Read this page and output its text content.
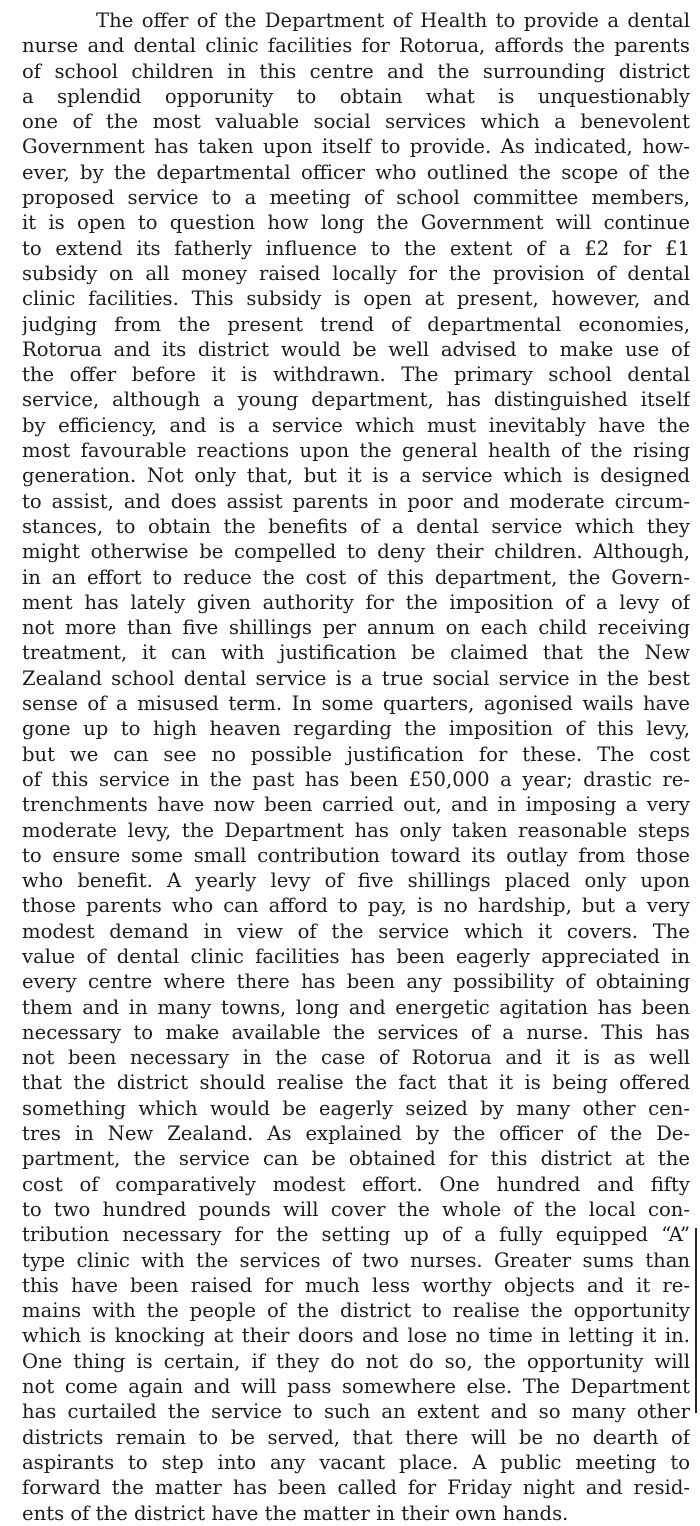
The offer of the Department of Health to provide a dental
nurse and dental clinic facilities for Rotorua, affords the parents
of school children in this centre and the surrounding district
a splendid opporunity to obtain what is unquestionably
one of the most valuable social services which a benevolent
Government has taken upon itself to provide. As indicated, how-
ever, by the departmental officer who outlined the scope of the
proposed service to a meeting of school committee members,
it is open to question how long the Government will continue
to extend its fatherly influence to the extent of a £2 for £1
subsidy on all money raised locally for the provision of dental
clinic facilities. This subsidy is open at present, however, and
judging from the present trend of departmental economies,
Rotorua and its district would be well advised to make use of
the offer before it is withdrawn. The primary school dental
service, although a young department, has distinguished itself
by efficiency, and is a service which must inevitably have the
most favourable reactions upon the general health of the rising
generation. Not only that, but it is a service which is designed
to assist, and does assist parents in poor and moderate circum-
stances, to obtain the benefits of a dental service which they
might otherwise be compelled to deny their children. Although,
in an effort to reduce the cost of this department, the Govern-
ment has lately given authority for the imposition of a levy of
not more than five shillings per annum on each child receiving
treatment, it can with justification be claimed that the New
Zealand school dental service is a true social service in the best
sense of a misused term. In some quarters, agonised wails have
gone up to high heaven regarding the imposition of this levy,
but we can see no possible justification for these. The cost
of this service in the past has been £50,000 a year; drastic re-
trenchments have now been carried out, and in imposing a very
moderate levy, the Department has only taken reasonable steps
to ensure some small contribution toward its outlay from those
who benefit. A yearly levy of five shillings placed only upon
those parents who can afford to pay, is no hardship, but a very
modest demand in view of the service which it covers. The
value of dental clinic facilities has been eagerly appreciated in
every centre where there has been any possibility of obtaining
them and in many towns, long and energetic agitation has been
necessary to make available the services of a nurse. This has
not been necessary in the case of Rotorua and it is as well
that the district should realise the fact that it is being offered
something which would be eagerly seized by many other cen-
tres in New Zealand. As explained by the officer of the De-
partment, the service can be obtained for this district at the
cost of comparatively modest effort. One hundred and fifty
to two hundred pounds will cover the whole of the local con-
tribution necessary for the setting up of a fully equipped “A”
type clinic with the services of two nurses. Greater sums than
this have been raised for much less worthy objects and it re-
mains with the people of the district to realise the opportunity
which is knocking at their doors and lose no time in letting it in.
One thing is certain, if they do not do so, the opportunity will
not come again and will pass somewhere else. The Department
has curtailed the service to such an extent and so many other
districts remain to be served, that there will be no dearth of
aspirants to step into any vacant place. A public meeting to
forward the matter has been called for Friday night and resid-
ents of the district have the matter in their own hands.
